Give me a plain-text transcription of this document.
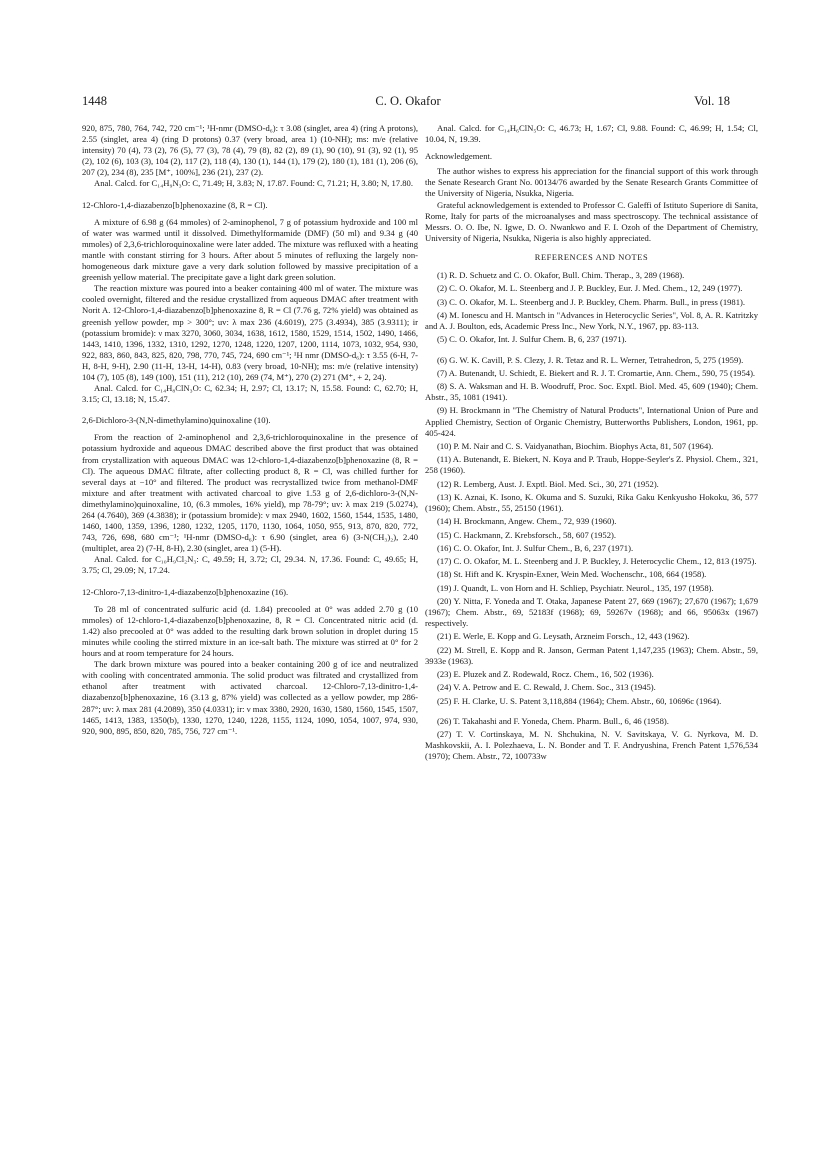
1448	C. O. Okafor	Vol. 18

920, 875, 780, 764, 742, 720 cm⁻¹; ¹H-nmr (DMSO-d₆): τ 3.08 (singlet, area 4) (ring A protons), 2.55 (singlet, area 4) (ring D protons) 0.37 (very broad, area 1) (10-NH); ms: m/e (relative intensity) 70 (4), 73 (2), 76 (5), 77 (3), 78 (4), 79 (8), 82 (2), 89 (1), 90 (10), 91 (3), 92 (1), 95 (2), 102 (6), 103 (3), 104 (2), 117 (2), 118 (4), 130 (1), 144 (1), 179 (2), 180 (1), 181 (1), 206 (6), 207 (2), 234 (8), 235 [M⁺, 100%], 236 (21), 237 (2).

Anal. Calcd. for C₁₄H₉N₃O: C, 71.49; H, 3.83; N, 17.87. Found: C, 71.21; H, 3.80; N, 17.80.

12-Chloro-1,4-diazabenzo[b]phenoxazine (8, R = Cl).

A mixture of 6.98 g (64 mmoles) of 2-aminophenol, 7 g of potassium hydroxide and 100 ml of water was warmed until it dissolved. Dimethylformamide (DMF) (50 ml) and 9.34 g (40 mmoles) of 2,3,6-trichloroquinoxaline were later added. The mixture was refluxed with a heating mantle with constant stirring for 3 hours. After about 5 minutes of refluxing the largely non-homogeneous dark mixture gave a very dark solution followed by massive precipitation of a greenish yellow material. The precipitate gave a light dark green solution.

The reaction mixture was poured into a beaker containing 400 ml of water. The mixture was cooled overnight, filtered and the residue crystallized from aqueous DMAC after treatment with Norit A. 12-Chloro-1,4-diazabenzo[b]phenoxazine 8, R = Cl (7.76 g, 72% yield) was obtained as greenish yellow powder, mp > 300°; uv: λ max 236 (4.6019), 275 (3.4934), 385 (3.9311); ir (potassium bromide): ν max 3270, 3060, 3034, 1638, 1612, 1580, 1529, 1514, 1502, 1490, 1466, 1443, 1410, 1396, 1332, 1310, 1292, 1270, 1248, 1220, 1207, 1200, 1114, 1073, 1032, 954, 930, 922, 883, 860, 843, 825, 820, 798, 770, 745, 724, 690 cm⁻¹; ¹H nmr (DMSO-d₆): τ 3.55 (6-H, 7-H, 8-H, 9-H), 2.90 (11-H, 13-H, 14-H), 0.83 (very broad, 10-NH); ms: m/e (relative intensity) 104 (7), 105 (8), 149 (100), 151 (11), 212 (10), 269 (74, M⁺), 270 (2) 271 (M⁺, + 2, 24).

Anal. Calcd. for C₁₄H₈ClN₃O: C, 62.34; H, 2.97; Cl, 13.17; N, 15.58. Found: C, 62.70; H, 3.15; Cl, 13.18; N, 15.47.

2,6-Dichloro-3-(N,N-dimethylamino)quinoxaline (10).

From the reaction of 2-aminophenol and 2,3,6-trichloroquinoxaline in the presence of potassium hydroxide and aqueous DMAC described above the first product that was obtained from crystallization with aqueous DMAC was 12-chloro-1,4-diazabenzo[b]phenoxazine (8, R = Cl). The aqueous DMAC filtrate, after collecting product 8, R = Cl, was chilled further for several days at −10° and filtered. The product was recrystallized twice from methanol-DMF mixture and after treatment with activated charcoal to give 1.53 g of 2,6-dichloro-3-(N,N-dimethylamino)quinoxaline, 10, (6.3 mmoles, 16% yield), mp 78-79°; uv: λ max 219 (5.0274), 264 (4.7640), 369 (4.3838); ir (potassium bromide): ν max 2940, 1602, 1560, 1544, 1535, 1480, 1460, 1400, 1359, 1396, 1280, 1232, 1205, 1170, 1130, 1064, 1050, 955, 913, 870, 820, 772, 743, 726, 698, 680 cm⁻¹; ¹H-nmr (DMSO-d₆): τ 6.90 (singlet, area 6) (3-N(CH₃)₂), 2.40 (multiplet, area 2) (7-H, 8-H), 2.30 (singlet, area 1) (5-H).

Anal. Calcd. for C₁₀H₉Cl₂N₃: C, 49.59; H, 3.72; Cl, 29.34. N, 17.36. Found: C, 49.65; H, 3.75; Cl, 29.09; N, 17.24.

12-Chloro-7,13-dinitro-1,4-diazabenzo[b]phenoxazine (16).

To 28 ml of concentrated sulfuric acid (d. 1.84) precooled at 0° was added 2.70 g (10 mmoles) of 12-chloro-1,4-diazabenzo[b]phenoxazine, 8, R = Cl. Concentrated nitric acid (d. 1.42) also precooled at 0° was added to the resulting dark brown solution in droplet during 15 minutes while cooling the stirred mixture in an ice-salt bath. The mixture was stirred at 0° for 2 hours and at room temperature for 24 hours.

The dark brown mixture was poured into a beaker containing 200 g of ice and neutralized with cooling with concentrated ammonia. The solid product was filtrated and crystallized from ethanol after treatment with activated charcoal. 12-Chloro-7,13-dinitro-1,4-diazabenzo[b]phenoxazine, 16 (3.13 g, 87% yield) was collected as a yellow powder, mp 286-287°; uv: λ max 281 (4.2089), 350 (4.0331); ir: ν max 3380, 2920, 1630, 1580, 1560, 1545, 1507, 1465, 1413, 1383, 1350(b), 1330, 1270, 1240, 1228, 1155, 1124, 1090, 1054, 1007, 974, 930, 920, 900, 895, 850, 820, 785, 756, 727 cm⁻¹.

Anal. Calcd. for C₁₄H₆ClN₅O: C, 46.73; H, 1.67; Cl, 9.88. Found: C, 46.99; H, 1.54; Cl, 10.04, N, 19.39.

Acknowledgement.

The author wishes to express his appreciation for the financial support of this work through the Senate Research Grant No. 00134/76 awarded by the Senate Research Grants Committee of the University of Nigeria, Nsukka, Nigeria.

Grateful acknowledgement is extended to Professor C. Galeffi of Istituto Superiore di Sanita, Rome, Italy for parts of the microanalyses and mass spectroscopy. The technical assistance of Messrs. O. O. Ibe, N. Igwe, D. O. Nwankwo and F. I. Ozoh of the Department of Chemistry, University of Nigeria, Nsukka, Nigeria is also highly appreciated.

REFERENCES AND NOTES

(1) R. D. Schuetz and C. O. Okafor, Bull. Chim. Therap., 3, 289 (1968).

(2) C. O. Okafor, M. L. Steenberg and J. P. Buckley, Eur. J. Med. Chem., 12, 249 (1977).

(3) C. O. Okafor, M. L. Steenberg and J. P. Buckley, Chem. Pharm. Bull., in press (1981).

(4) M. Ionescu and H. Mantsch in "Advances in Heterocyclic Series", Vol. 8, A. R. Katritzky and A. J. Boulton, eds, Academic Press Inc., New York, N.Y., 1967, pp. 83-113.

(5) C. O. Okafor, Int. J. Sulfur Chem. B, 6, 237 (1971).

(6) G. W. K. Cavill, P. S. Clezy, J. R. Tetaz and R. L. Werner, Tetrahedron, 5, 275 (1959).

(7) A. Butenandt, U. Schiedt, E. Biekert and R. J. T. Cromartie, Ann. Chem., 590, 75 (1954).

(8) S. A. Waksman and H. B. Woodruff, Proc. Soc. Exptl. Biol. Med. 45, 609 (1940); Chem. Abstr., 35, 1081 (1941).

(9) H. Brockmann in "The Chemistry of Natural Products", International Union of Pure and Applied Chemistry, Section of Organic Chemistry, Butterworths Publishers, London, 1961, pp. 405-424.

(10) P. M. Nair and C. S. Vaidyanathan, Biochim. Biophys Acta, 81, 507 (1964).

(11) A. Butenandt, E. Biekert, N. Koya and P. Traub, Hoppe-Seyler's Z. Physiol. Chem., 321, 258 (1960).

(12) R. Lemberg, Aust. J. Exptl. Biol. Med. Sci., 30, 271 (1952).

(13) K. Aznai, K. Isono, K. Okuma and S. Suzuki, Rika Gaku Kenkyusho Hokoku, 36, 577 (1960); Chem. Abstr., 55, 25150 (1961).

(14) H. Brockmann, Angew. Chem., 72, 939 (1960).

(15) C. Hackmann, Z. Krebsforsch., 58, 607 (1952).

(16) C. O. Okafor, Int. J. Sulfur Chem., B, 6, 237 (1971).

(17) C. O. Okafor, M. L. Steenberg and J. P. Buckley, J. Heterocyclic Chem., 12, 813 (1975).

(18) St. Hift and K. Kryspin-Exner, Wein Med. Wochenschr., 108, 664 (1958).

(19) J. Quandt, L. von Horn and H. Schliep, Psychiatr. Neurol., 135, 197 (1958).

(20) Y. Nitta, F. Yoneda and T. Otaka, Japanese Patent 27, 669 (1967); 27,670 (1967); 1,679 (1967); Chem. Abstr., 69, 52183f (1968); 69, 59267v (1968); and 66, 95063x (1967) respectively.

(21) E. Werle, E. Kopp and G. Leysath, Arzneim Forsch., 12, 443 (1962).

(22) M. Strell, E. Kopp and R. Janson, German Patent 1,147,235 (1963); Chem. Abstr., 59, 3933e (1963).

(23) E. Pluzek and Z. Rodewald, Rocz. Chem., 16, 502 (1936).

(24) V. A. Petrow and E. C. Rewald, J. Chem. Soc., 313 (1945).

(25) F. H. Clarke, U. S. Patent 3,118,884 (1964); Chem. Abstr., 60, 10696c (1964).

(26) T. Takahashi and F. Yoneda, Chem. Pharm. Bull., 6, 46 (1958).

(27) T. V. Cortinskaya, M. N. Shchukina, N. V. Savitskaya, V. G. Nyrkova, M. D. Mashkovskii, A. I. Polezhaeva, L. N. Bonder and T. F. Andryushina, French Patent 1,576,534 (1970); Chem. Abstr., 72, 100733w
